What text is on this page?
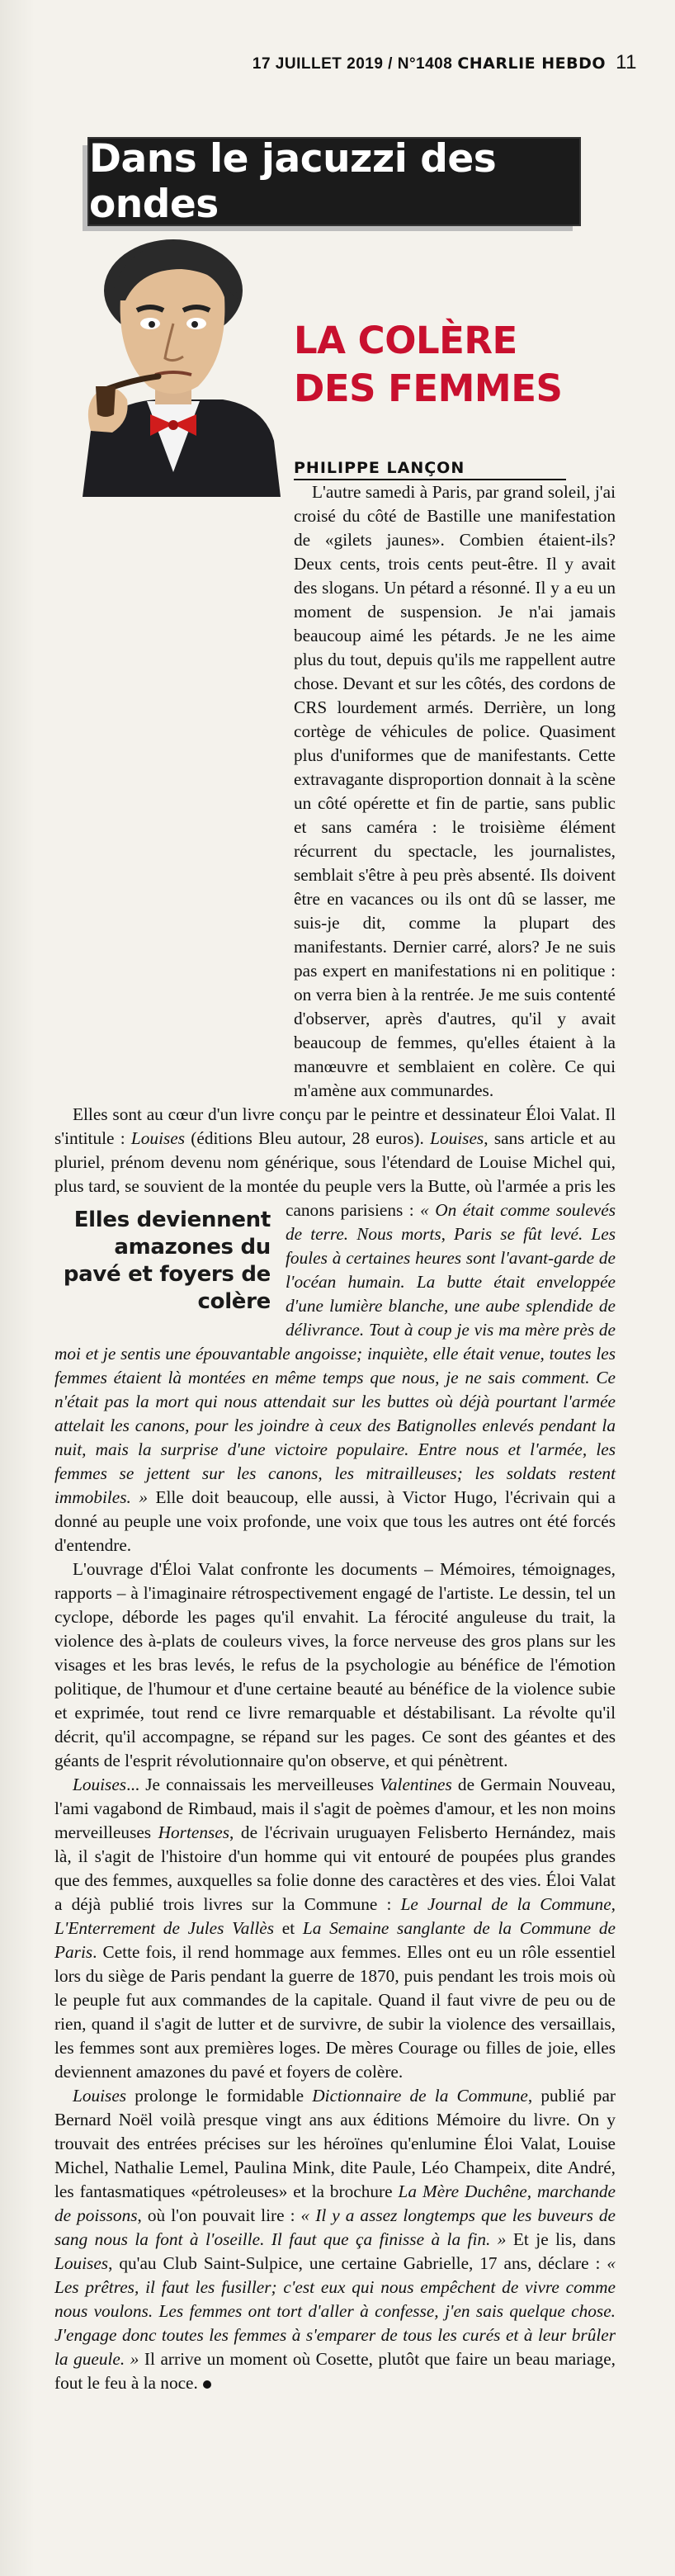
17 JUILLET 2019 / N°1408 CHARLIE HEBDO 11
Dans le jacuzzi des ondes
LA COLÈRE
DES FEMMES
PHILIPPE LANÇON

L'autre samedi à Paris, par grand soleil, j'ai croisé du côté de Bastille une manifestation de «gilets jaunes». Combien étaient-ils? Deux cents, trois cents peut-être. Il y avait des slogans. Un pétard a résonné. Il y a eu un moment de suspension. Je n'ai jamais beaucoup aimé les pétards. Je ne les aime plus du tout, depuis qu'ils me rappellent autre chose. Devant et sur les côtés, des cordons de CRS lourdement armés. Derrière, un long cortège de véhicules de police. Quasiment plus d'uniformes que de manifestants. Cette extravagante disproportion donnait à la scène un côté opérette et fin de partie, sans public et sans caméra : le troisième élément récurrent du spectacle, les journalistes, semblait s'être à peu près absenté. Ils doivent être en vacances ou ils ont dû se lasser, me suis-je dit, comme la plupart des manifestants. Dernier carré, alors? Je ne suis pas expert en manifestations ni en politique : on verra bien à la rentrée. Je me suis contenté d'observer, après d'autres, qu'il y avait beaucoup de femmes, qu'elles étaient à la manœuvre et semblaient en colère. Ce qui m'amène aux communardes.

Elles sont au cœur d'un livre conçu par le peintre et dessinateur Éloi Valat. Il s'intitule : Louises (éditions Bleu autour, 28 euros). Louises, sans article et au pluriel, prénom devenu nom générique, sous l'étendard de Louise Michel qui, plus tard, se souvient de la montée du peuple vers la Butte, où l'armée a pris les canons parisiens :
Elles deviennent amazones du pavé et foyers de colère
« On était comme soulevés de terre. Nous morts, Paris se fût levé. Les foules à certaines heures sont l'avant-garde de l'océan humain. La butte était enveloppée d'une lumière blanche, une aube splendide de délivrance. Tout à coup je vis ma mère près de moi et je sentis une épouvantable angoisse; inquiète, elle était venue, toutes les femmes étaient là montées en même temps que nous, je ne sais comment. Ce n'était pas la mort qui nous attendait sur les buttes où déjà pourtant l'armée attelait les canons, pour les joindre à ceux des Batignolles enlevés pendant la nuit, mais la surprise d'une victoire populaire. Entre nous et l'armée, les femmes se jettent sur les canons, les mitrailleuses; les soldats restent immobiles. » Elle doit beaucoup, elle aussi, à Victor Hugo, l'écrivain qui a donné au peuple une voix profonde, une voix que tous les autres ont été forcés d'entendre.

L'ouvrage d'Éloi Valat confronte les documents – Mémoires, témoignages, rapports – à l'imaginaire rétrospectivement engagé de l'artiste. Le dessin, tel un cyclope, déborde les pages qu'il envahit. La férocité anguleuse du trait, la violence des à-plats de couleurs vives, la force nerveuse des gros plans sur les visages et les bras levés, le refus de la psychologie au bénéfice de l'émotion politique, de l'humour et d'une certaine beauté au bénéfice de la violence subie et exprimée, tout rend ce livre remarquable et déstabilisant. La révolte qu'il décrit, qu'il accompagne, se répand sur les pages. Ce sont des géantes et des géants de l'esprit révolutionnaire qu'on observe, et qui pénètrent.

Louises... Je connaissais les merveilleuses Valentines de Germain Nouveau, l'ami vagabond de Rimbaud, mais il s'agit de poèmes d'amour, et les non moins merveilleuses Hortenses, de l'écrivain uruguayen Felisberto Hernández, mais là, il s'agit de l'histoire d'un homme qui vit entouré de poupées plus grandes que des femmes, auxquelles sa folie donne des caractères et des vies. Éloi Valat a déjà publié trois livres sur la Commune : Le Journal de la Commune, L'Enterrement de Jules Vallès et La Semaine sanglante de la Commune de Paris. Cette fois, il rend hommage aux femmes. Elles ont eu un rôle essentiel lors du siège de Paris pendant la guerre de 1870, puis pendant les trois mois où le peuple fut aux commandes de la capitale. Quand il faut vivre de peu ou de rien, quand il s'agit de lutter et de survivre, de subir la violence des versaillais, les femmes sont aux premières loges. De mères Courage ou filles de joie, elles deviennent amazones du pavé et foyers de colère.

Louises prolonge le formidable Dictionnaire de la Commune, publié par Bernard Noël voilà presque vingt ans aux éditions Mémoire du livre. On y trouvait des entrées précises sur les héroïnes qu'enlumine Éloi Valat, Louise Michel, Nathalie Lemel, Paulina Mink, dite Paule, Léo Champeix, dite André, les fantasmatiques «pétroleuses» et la brochure La Mère Duchêne, marchande de poissons, où l'on pouvait lire : « Il y a assez longtemps que les buveurs de sang nous la font à l'oseille. Il faut que ça finisse à la fin. » Et je lis, dans Louises, qu'au Club Saint-Sulpice, une certaine Gabrielle, 17 ans, déclare : « Les prêtres, il faut les fusiller; c'est eux qui nous empêchent de vivre comme nous voulons. Les femmes ont tort d'aller à confesse, j'en sais quelque chose. J'engage donc toutes les femmes à s'emparer de tous les curés et à leur brûler la gueule. » Il arrive un moment où Cosette, plutôt que faire un beau mariage, fout le feu à la noce.
